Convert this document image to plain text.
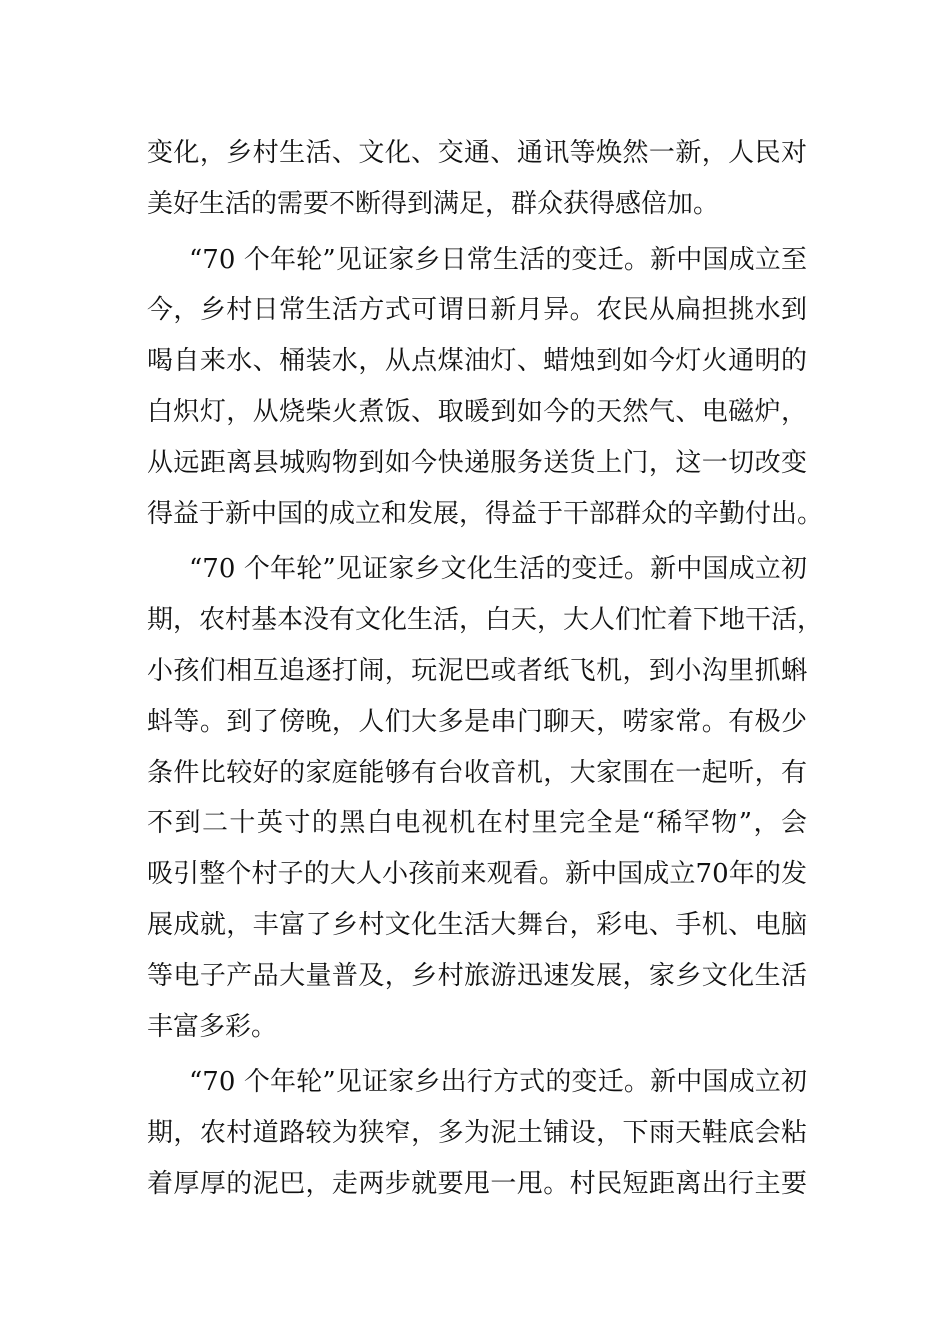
变化，乡村生活、文化、交通、通讯等焕然一新，人民对
美好生活的需要不断得到满足，群众获得感倍加。
“70 个年轮”见证家乡日常生活的变迁。新中国成立至
今，乡村日常生活方式可谓日新月异。农民从扁担挑水到
喝自来水、桶装水，从点煤油灯、蜡烛到如今灯火通明的
白炽灯，从烧柴火煮饭、取暖到如今的天然气、电磁炉，
从远距离县城购物到如今快递服务送货上门，这一切改变
得益于新中国的成立和发展，得益于干部群众的辛勤付出。
“70 个年轮”见证家乡文化生活的变迁。新中国成立初
期，农村基本没有文化生活，白天，大人们忙着下地干活，
小孩们相互追逐打闹，玩泥巴或者纸飞机，到小沟里抓蝌
蚪等。到了傍晚，人们大多是串门聊天，唠家常。有极少
条件比较好的家庭能够有台收音机，大家围在一起听，有
不到二十英寸的黑白电视机在村里完全是“稀罕物”，会
吸引整个村子的大人小孩前来观看。新中国成立70年的发
展成就，丰富了乡村文化生活大舞台，彩电、手机、电脑
等电子产品大量普及，乡村旅游迅速发展，家乡文化生活
丰富多彩。
“70 个年轮”见证家乡出行方式的变迁。新中国成立初
期，农村道路较为狭窄，多为泥土铺设，下雨天鞋底会粘
着厚厚的泥巴，走两步就要甩一甩。村民短距离出行主要
